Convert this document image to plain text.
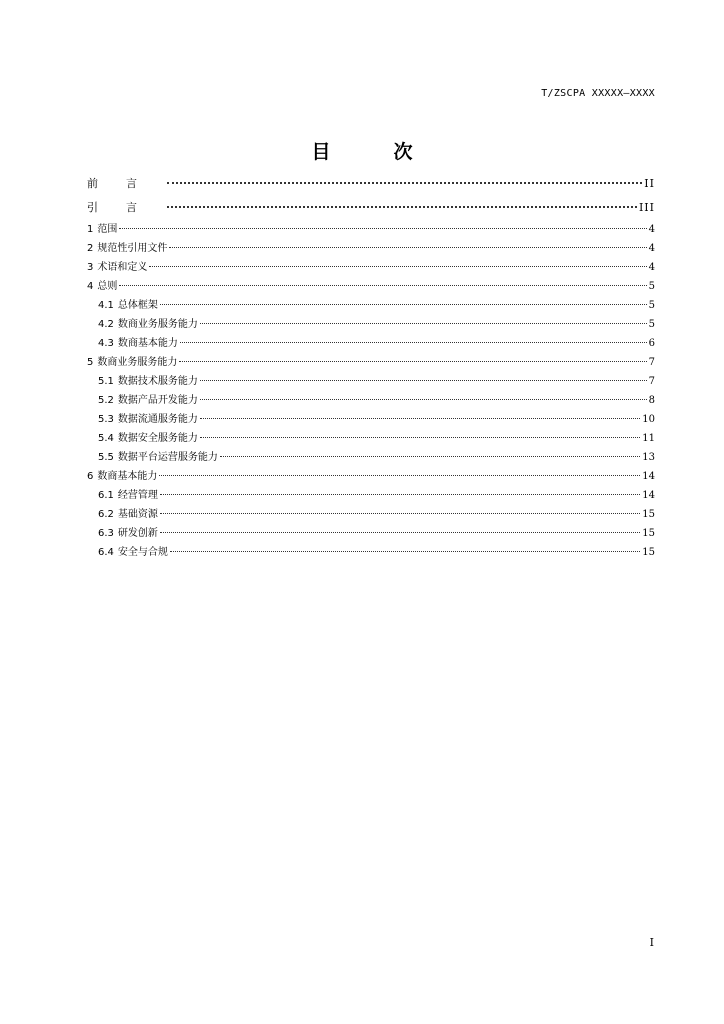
T/ZSCPA XXXXX—XXXX
目　次
前言	II
引言	III
1 范围	4
2 规范性引用文件	4
3 术语和定义	4
4 总则	5
4.1 总体框架	5
4.2 数商业务服务能力	5
4.3 数商基本能力	6
5 数商业务服务能力	7
5.1 数据技术服务能力	7
5.2 数据产品开发能力	8
5.3 数据流通服务能力	10
5.4 数据安全服务能力	11
5.5 数据平台运营服务能力	13
6 数商基本能力	14
6.1 经营管理	14
6.2 基础资源	15
6.3 研发创新	15
6.4 安全与合规	15
I
